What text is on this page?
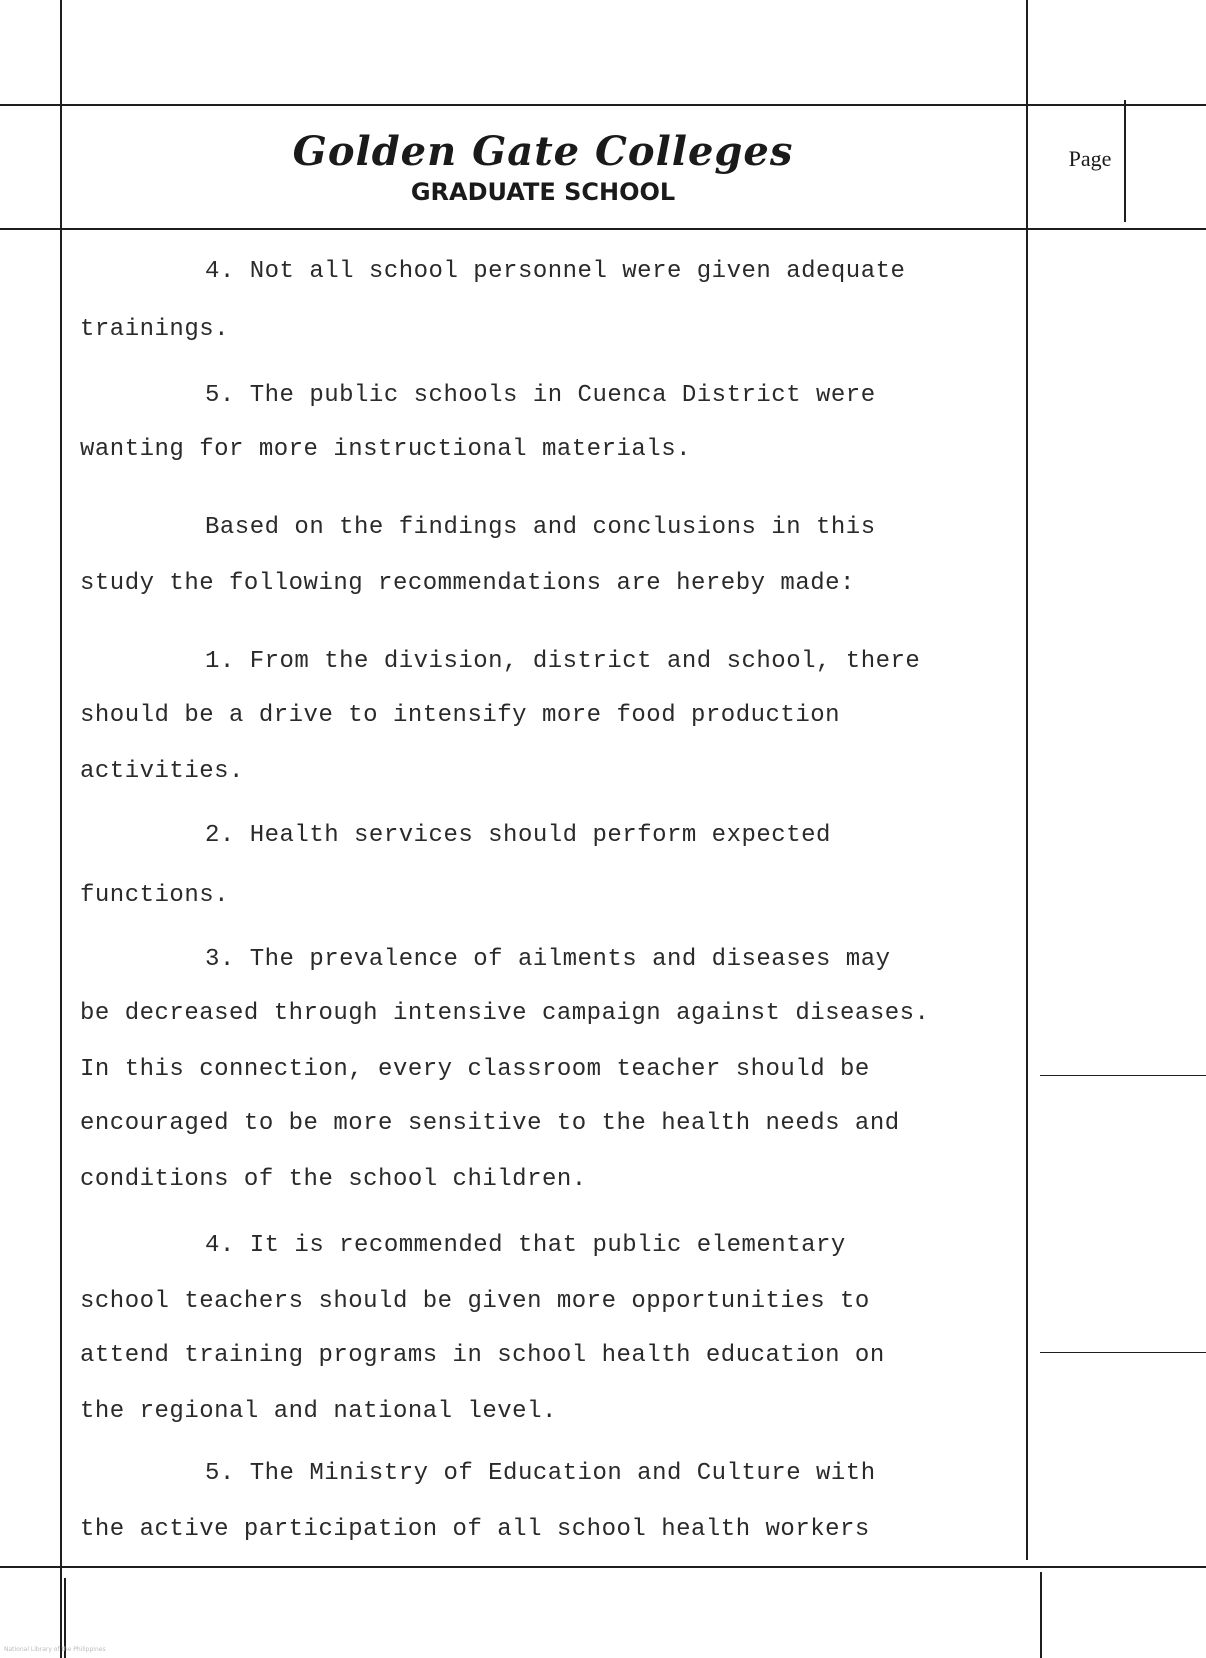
Golden Gate Colleges
GRADUATE SCHOOL
Page
4. Not all school personnel were given adequate
trainings.
5. The public schools in Cuenca District were
wanting for more instructional materials.
Based on the findings and conclusions in this
study the following recommendations are hereby made:
1. From the division, district and school, there
should be a drive to intensify more food production
activities.
2. Health services should perform expected
functions.
3. The prevalence of ailments and diseases may
be decreased through intensive campaign against diseases.
In this connection, every classroom teacher should be
encouraged to be more sensitive to the health needs and
conditions of the school children.
4. It is recommended that public elementary
school teachers should be given more opportunities to
attend training programs in school health education on
the regional and national level.
5. The Ministry of Education and Culture with
the active participation of all school health workers
National Library of the Philippines
